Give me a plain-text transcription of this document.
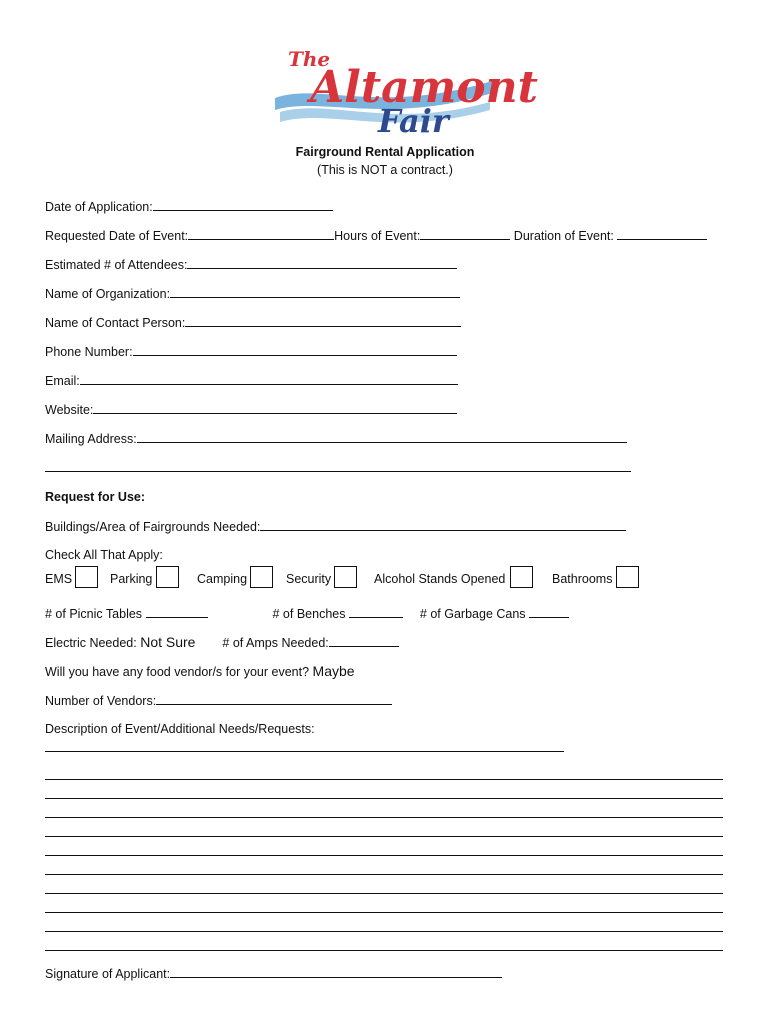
The
Altamont
Fair
Fairground Rental Application
(This is NOT a contract.)
Date of Application:
Requested Date of Event:	Hours of Event:	Duration of Event:
Estimated # of Attendees:
Name of Organization:
Name of Contact Person:
Phone Number:
Email:
Website:
Mailing Address:
Request for Use:
Buildings/Area of Fairgrounds Needed:
Check All That Apply:
EMS	Parking	Camping	Security	Alcohol Stands Opened	Bathrooms
# of Picnic Tables	# of Benches	# of Garbage Cans
Electric Needed: Not Sure # of Amps Needed:
Will you have any food vendor/s for your event? Maybe
Number of Vendors:
Description of Event/Additional Needs/Requests:
Signature of Applicant:
